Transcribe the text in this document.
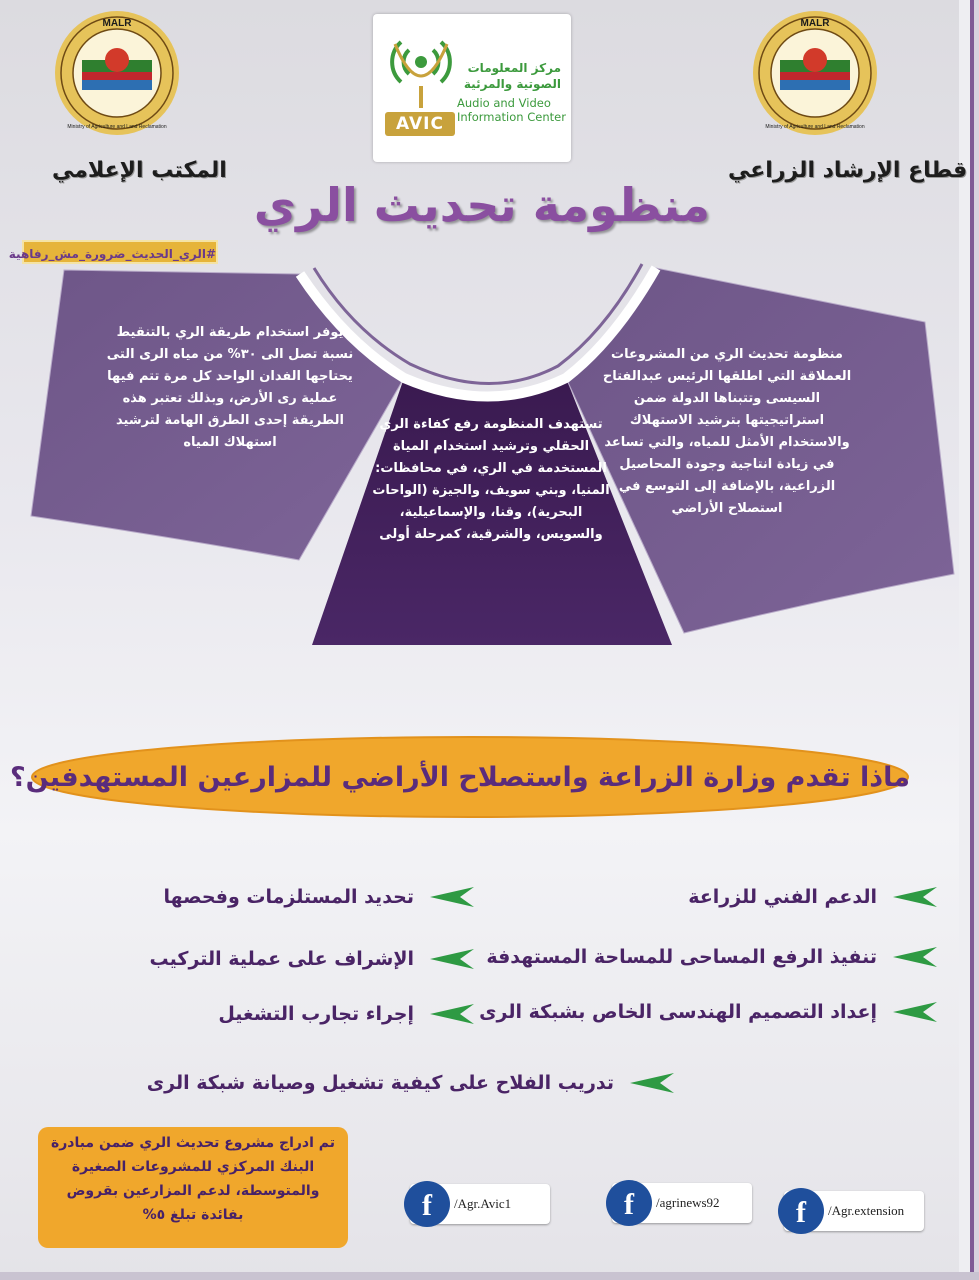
MALR
Ministry of Agriculture and Land Reclamation
MALR
Ministry of Agriculture and Land Reclamation
المكتب الإعلامي	قطاع الإرشاد الزراعي
مركز المعلومات
الصوتية والمرئية
Audio and Video
Information Center
AVIC
منظومة تحديث الري
#الري_الحديث_ضرورة_مش_رفاهية
يوفر استخدام طريقة الري بالتنقيط نسبة تصل الى ٣٠% من مياه الرى التى يحتاجها الفدان الواحد كل مرة تتم فيها عملية رى الأرض، وبذلك تعتبر هذه الطريقة إحدى الطرق الهامة لترشيد استهلاك المياه
تستهدف المنظومة رفع كفاءة الري الحقلي وترشيد استخدام المياة المستخدمة في الري، في محافظات: المنيا، وبني سويف، والجيزة (الواحات البحرية)، وقنا، والإسماعيلية، والسويس، والشرقية، كمرحلة أولى
منظومة تحديث الري من المشروعات العملاقة التي اطلقها الرئيس عبدالفتاح السيسى وتتبناها الدولة ضمن استراتيجيتها بترشيد الاستهلاك والاستخدام الأمثل للمياه، والتي تساعد في زيادة انتاجية وجودة المحاصيل الزراعية، بالإضافة إلى التوسع في استصلاح الأراضي
ماذا تقدم وزارة الزراعة واستصلاح الأراضي للمزارعين المستهدفين؟
الدعم الفني للزراعة
تنفيذ الرفع المساحى للمساحة المستهدفة
إعداد التصميم الهندسى الخاص بشبكة الرى
تحديد المستلزمات وفحصها
الإشراف على عملية التركيب
إجراء تجارب التشغيل
تدريب الفلاح على كيفية تشغيل وصيانة شبكة الرى
تم ادراج مشروع تحديث الري ضمن مبادرة البنك المركزي للمشروعات الصغيرة والمتوسطة، لدعم المزارعين بقروض بفائدة تبلغ ٥%	f	/Agr.Avic1	f	/agrinews92	f	/Agr.extension
